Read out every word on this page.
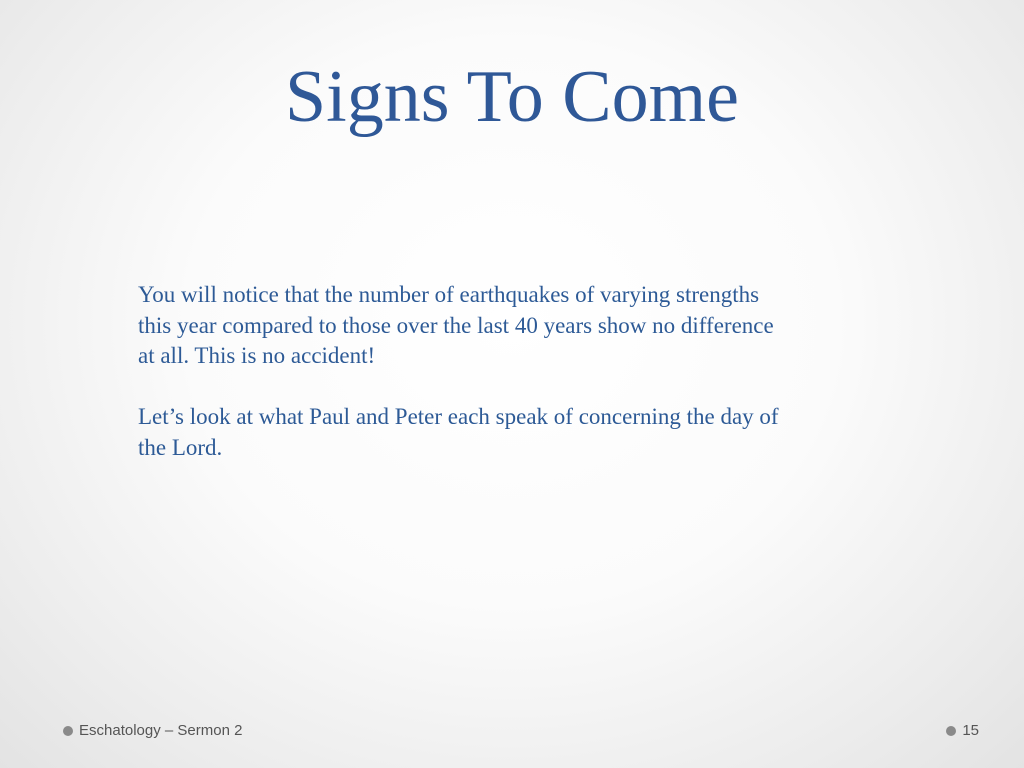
Signs To Come

You will notice that the number of earthquakes of varying strengths
this year compared to those over the last 40 years show no difference
at all. This is no accident!

Let’s look at what Paul and Peter each speak of concerning the day of
the Lord.

Eschatology – Sermon 2	15
